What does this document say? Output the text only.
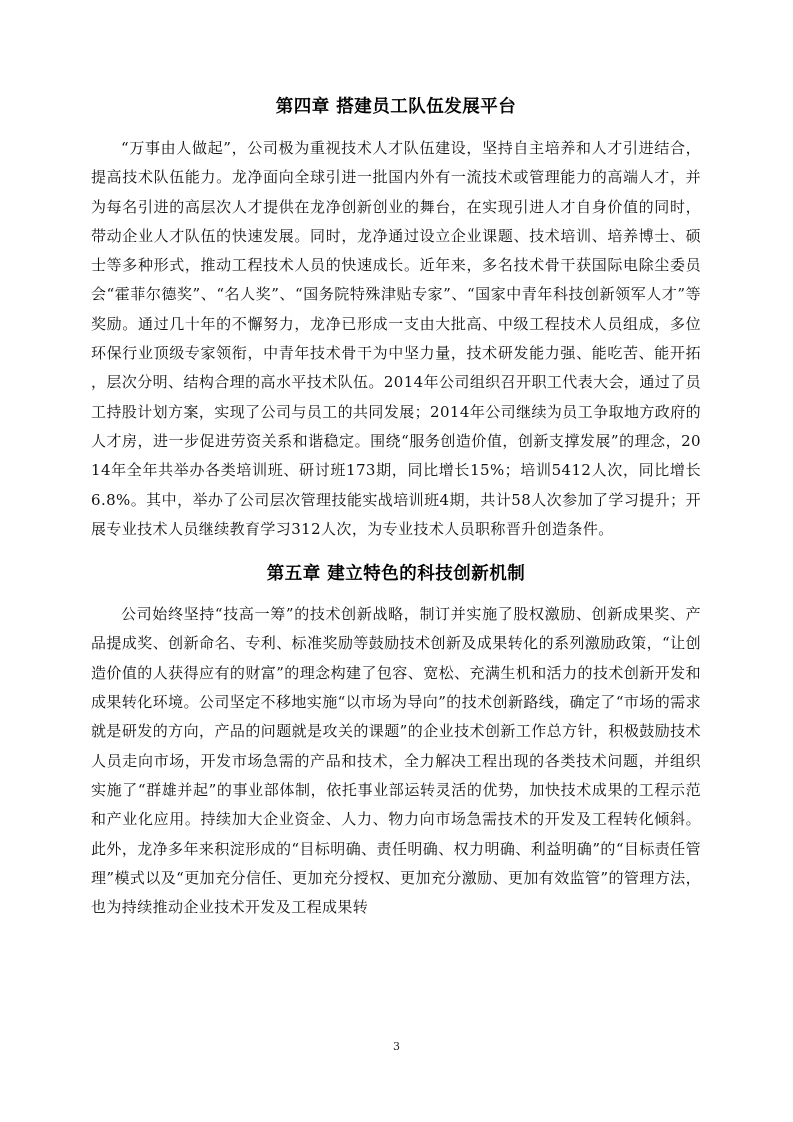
第四章 搭建员工队伍发展平台

“万事由人做起”，公司极为重视技术人才队伍建设，坚持自主培养和人才引进结合，提高技术队伍能力。龙净面向全球引进一批国内外有一流技术或管理能力的高端人才，并为每名引进的高层次人才提供在龙净创新创业的舞台，在实现引进人才自身价值的同时，带动企业人才队伍的快速发展。同时，龙净通过设立企业课题、技术培训、培养博士、硕士等多种形式，推动工程技术人员的快速成长。近年来，多名技术骨干获国际电除尘委员会“霍菲尔德奖”、“名人奖”、“国务院特殊津贴专家”、“国家中青年科技创新领军人才”等奖励。通过几十年的不懈努力，龙净已形成一支由大批高、中级工程技术人员组成，多位环保行业顶级专家领衔，中青年技术骨干为中坚力量，技术研发能力强、能吃苦、能开拓，层次分明、结构合理的高水平技术队伍。2014年公司组织召开职工代表大会，通过了员工持股计划方案，实现了公司与员工的共同发展；2014年公司继续为员工争取地方政府的人才房，进一步促进劳资关系和谐稳定。围绕“服务创造价值，创新支撑发展”的理念，2014年全年共举办各类培训班、研讨班173期，同比增长15%；培训5412人次，同比增长6.8%。其中，举办了公司层次管理技能实战培训班4期，共计58人次参加了学习提升；开展专业技术人员继续教育学习312人次，为专业技术人员职称晋升创造条件。

第五章 建立特色的科技创新机制

公司始终坚持“技高一筹”的技术创新战略，制订并实施了股权激励、创新成果奖、产品提成奖、创新命名、专利、标准奖励等鼓励技术创新及成果转化的系列激励政策，“让创造价值的人获得应有的财富”的理念构建了包容、宽松、充满生机和活力的技术创新开发和成果转化环境。公司坚定不移地实施“以市场为导向”的技术创新路线，确定了“市场的需求就是研发的方向，产品的问题就是攻关的课题”的企业技术创新工作总方针，积极鼓励技术人员走向市场，开发市场急需的产品和技术，全力解决工程出现的各类技术问题，并组织实施了“群雄并起”的事业部体制，依托事业部运转灵活的优势，加快技术成果的工程示范和产业化应用。持续加大企业资金、人力、物力向市场急需技术的开发及工程转化倾斜。此外，龙净多年来积淀形成的“目标明确、责任明确、权力明确、利益明确”的“目标责任管理”模式以及“更加充分信任、更加充分授权、更加充分激励、更加有效监管”的管理方法，也为持续推动企业技术开发及工程成果转

3
